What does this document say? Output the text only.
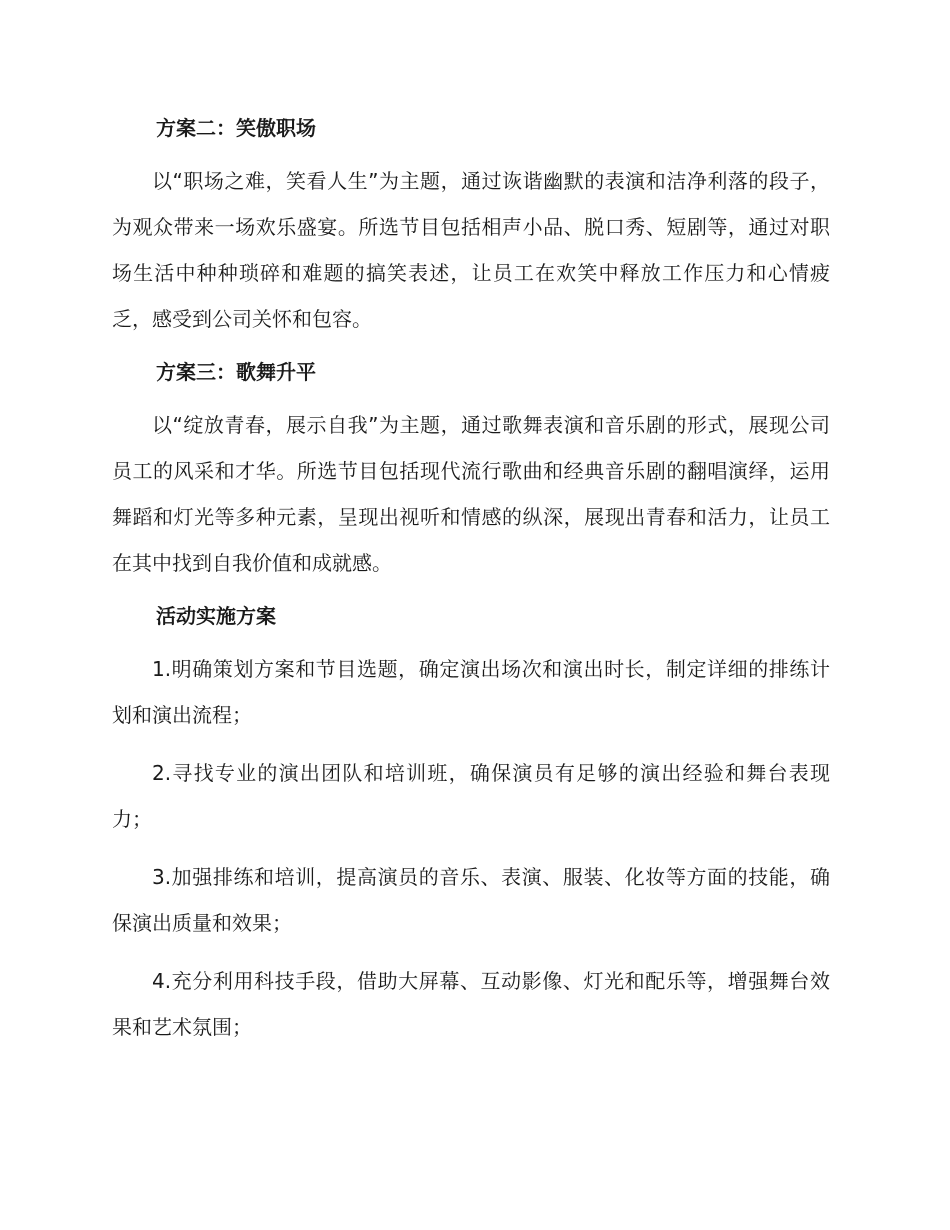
方案二：笑傲职场

以“职场之难，笑看人生”为主题，通过诙谐幽默的表演和洁净利落的段子，为观众带来一场欢乐盛宴。所选节目包括相声小品、脱口秀、短剧等，通过对职场生活中种种琐碎和难题的搞笑表述，让员工在欢笑中释放工作压力和心情疲乏，感受到公司关怀和包容。

方案三：歌舞升平

以“绽放青春，展示自我”为主题，通过歌舞表演和音乐剧的形式，展现公司员工的风采和才华。所选节目包括现代流行歌曲和经典音乐剧的翻唱演绎，运用舞蹈和灯光等多种元素，呈现出视听和情感的纵深，展现出青春和活力，让员工在其中找到自我价值和成就感。

活动实施方案

1.明确策划方案和节目选题，确定演出场次和演出时长，制定详细的排练计划和演出流程；

2.寻找专业的演出团队和培训班，确保演员有足够的演出经验和舞台表现力；

3.加强排练和培训，提高演员的音乐、表演、服装、化妆等方面的技能，确保演出质量和效果；

4.充分利用科技手段，借助大屏幕、互动影像、灯光和配乐等，增强舞台效果和艺术氛围；
